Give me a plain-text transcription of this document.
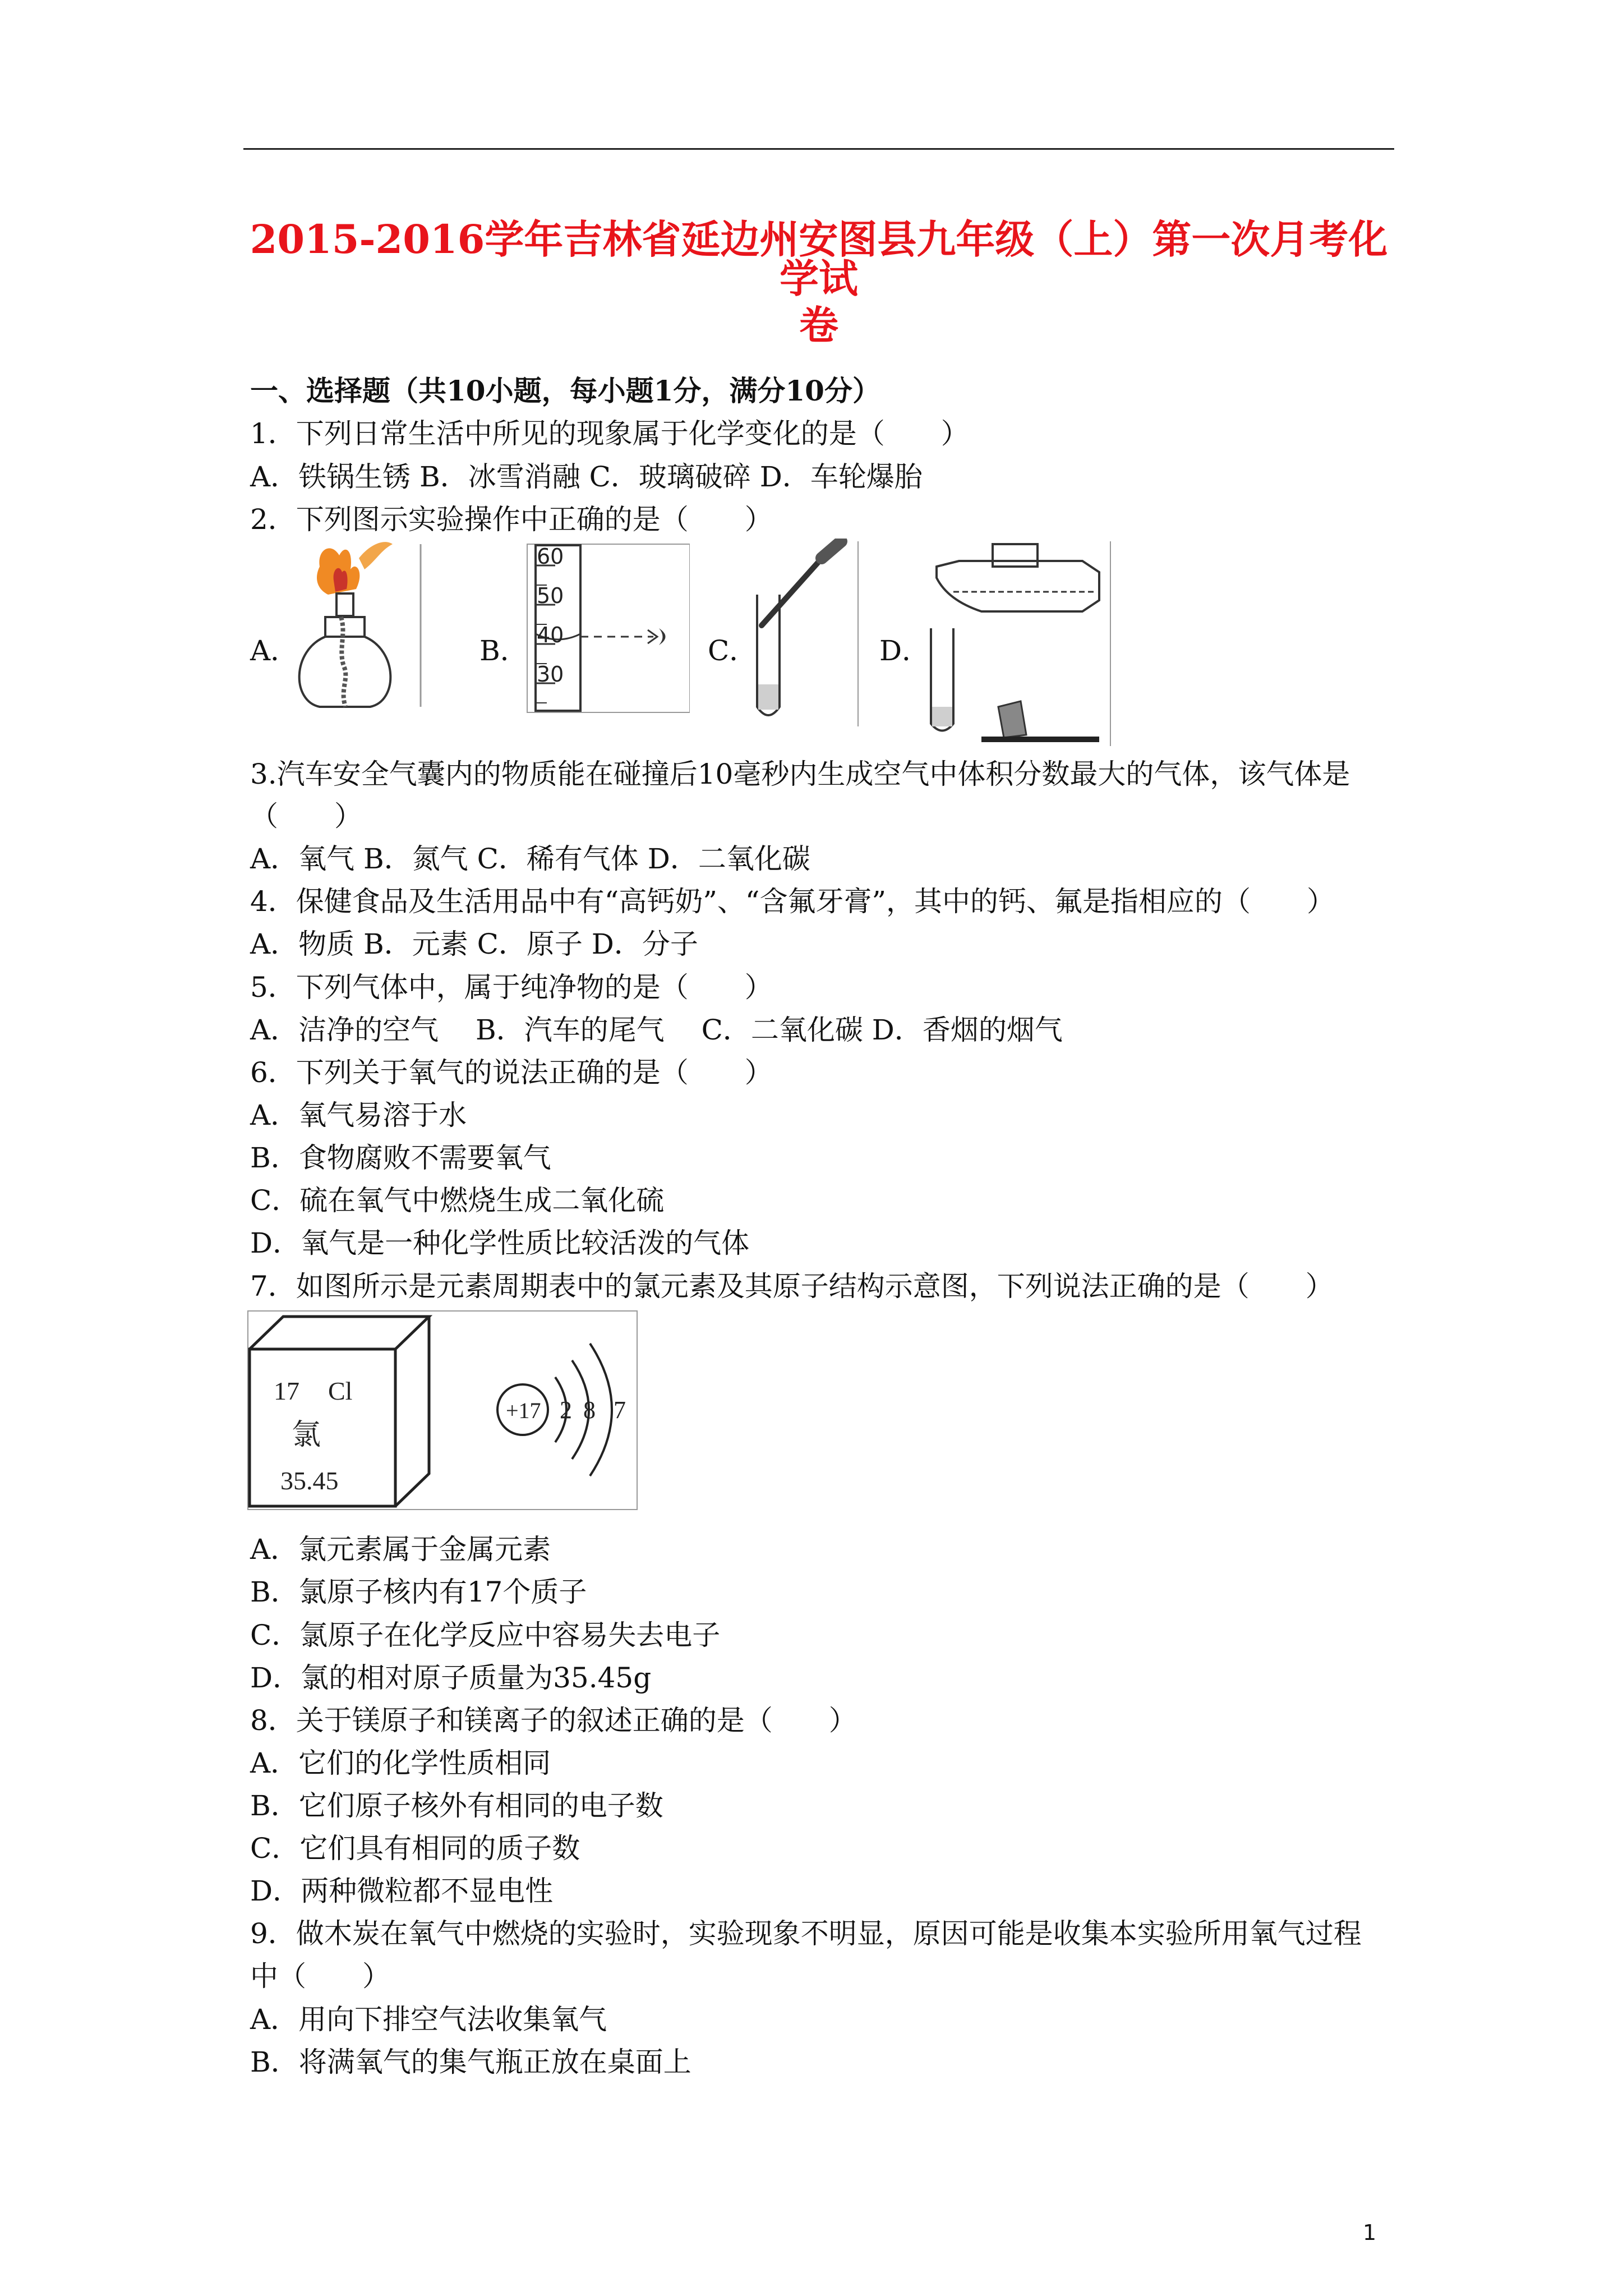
2015-2016学年吉林省延边州安图县九年级（上）第一次月考化学试
卷
一、选择题（共10小题，每小题1分，满分10分）
1．下列日常生活中所见的现象属于化学变化的是（　　）
A．铁锅生锈 B．冰雪消融 C．玻璃破碎 D．车轮爆胎
2．下列图示实验操作中正确的是（　　）
A．	B．	C．	D．
60
50
40
30
3.汽车安全气囊内的物质能在碰撞后10毫秒内生成空气中体积分数最大的气体，该气体是
（　　）
A．氧气 B．氮气 C．稀有气体 D．二氧化碳
4．保健食品及生活用品中有“高钙奶”、“含氟牙膏”，其中的钙、氟是指相应的（　　）
A．物质 B．元素 C．原子 D．分子
5．下列气体中，属于纯净物的是（　　）
A．洁净的空气　 B．汽车的尾气　 C．二氧化碳 D．香烟的烟气
6．下列关于氧气的说法正确的是（　　）
A．氧气易溶于水
B．食物腐败不需要氧气
C．硫在氧气中燃烧生成二氧化硫
D．氧气是一种化学性质比较活泼的气体
7．如图所示是元素周期表中的氯元素及其原子结构示意图，下列说法正确的是（　　）
17 Cl
氯
35.45
+17 2 8 7
A．氯元素属于金属元素
B．氯原子核内有17个质子
C．氯原子在化学反应中容易失去电子
D．氯的相对原子质量为35.45g
8．关于镁原子和镁离子的叙述正确的是（　　）
A．它们的化学性质相同
B．它们原子核外有相同的电子数
C．它们具有相同的质子数
D．两种微粒都不显电性
9．做木炭在氧气中燃烧的实验时，实验现象不明显，原因可能是收集本实验所用氧气过程
中（　　）
A．用向下排空气法收集氧气
B．将满氧气的集气瓶正放在桌面上
1
